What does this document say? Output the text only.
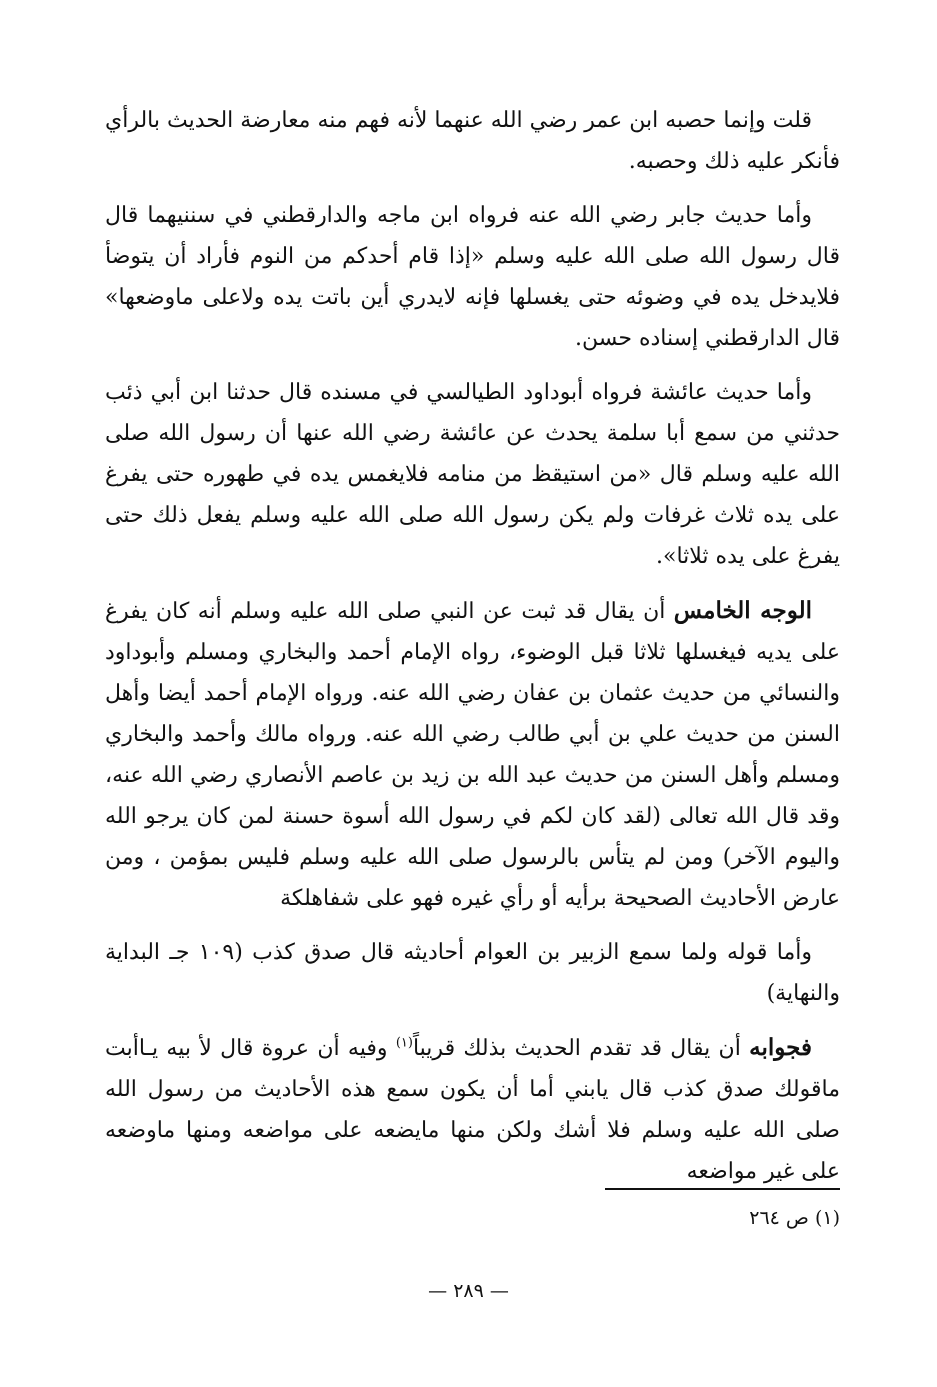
قلت وإنما حصبه ابن عمر رضي الله عنهما لأنه فهم منه معارضة الحديث بالرأي فأنكر عليه ذلك وحصبه.

وأما حديث جابر رضي الله عنه فرواه ابن ماجه والدارقطني في سننيهما قال قال رسول الله صلى الله عليه وسلم «إذا قام أحدكم من النوم فأراد أن يتوضأ فلايدخل يده في وضوئه حتى يغسلها فإنه لايدري أين باتت يده ولاعلى ماوضعها» قال الدارقطني إسناده حسن.

وأما حديث عائشة فرواه أبوداود الطيالسي في مسنده قال حدثنا ابن أبي ذئب حدثني من سمع أبا سلمة يحدث عن عائشة رضي الله عنها أن رسول الله صلى الله عليه وسلم قال «من استيقظ من منامه فلايغمس يده في طهوره حتى يفرغ على يده ثلاث غرفات ولم يكن رسول الله صلى الله عليه وسلم يفعل ذلك حتى يفرغ على يده ثلاثا».

الوجه الخامس أن يقال قد ثبت عن النبي صلى الله عليه وسلم أنه كان يفرغ على يديه فيغسلها ثلاثا قبل الوضوء، رواه الإمام أحمد والبخاري ومسلم وأبوداود والنسائي من حديث عثمان بن عفان رضي الله عنه. ورواه الإمام أحمد أيضا وأهل السنن من حديث علي بن أبي طالب رضي الله عنه. ورواه مالك وأحمد والبخاري ومسلم وأهل السنن من حديث عبد الله بن زيد بن عاصم الأنصاري رضي الله عنه، وقد قال الله تعالى (لقد كان لكم في رسول الله أسوة حسنة لمن كان يرجو الله واليوم الآخر) ومن لم يتأس بالرسول صلى الله عليه وسلم فليس بمؤمن ، ومن عارض الأحاديث الصحيحة برأيه أو رأي غيره فهو على شفاهلكة

وأما قوله ولما سمع الزبير بن العوام أحاديثه قال صدق كذب (١٠٩ جـ البداية والنهاية)

فجوابه أن يقال قد تقدم الحديث بذلك قريباً$^{(١)}$ وفيه أن عروة قال لأ بيه يـاأبت ماقولك صدق كذب قال يابني أما أن يكون سمع هذه الأحاديث من رسول الله صلى الله عليه وسلم فلا أشك ولكن منها مايضعه على مواضعه ومنها ماوضعه على غير مواضعه

(١) ص ٢٦٤
— ٢٨٩ —
